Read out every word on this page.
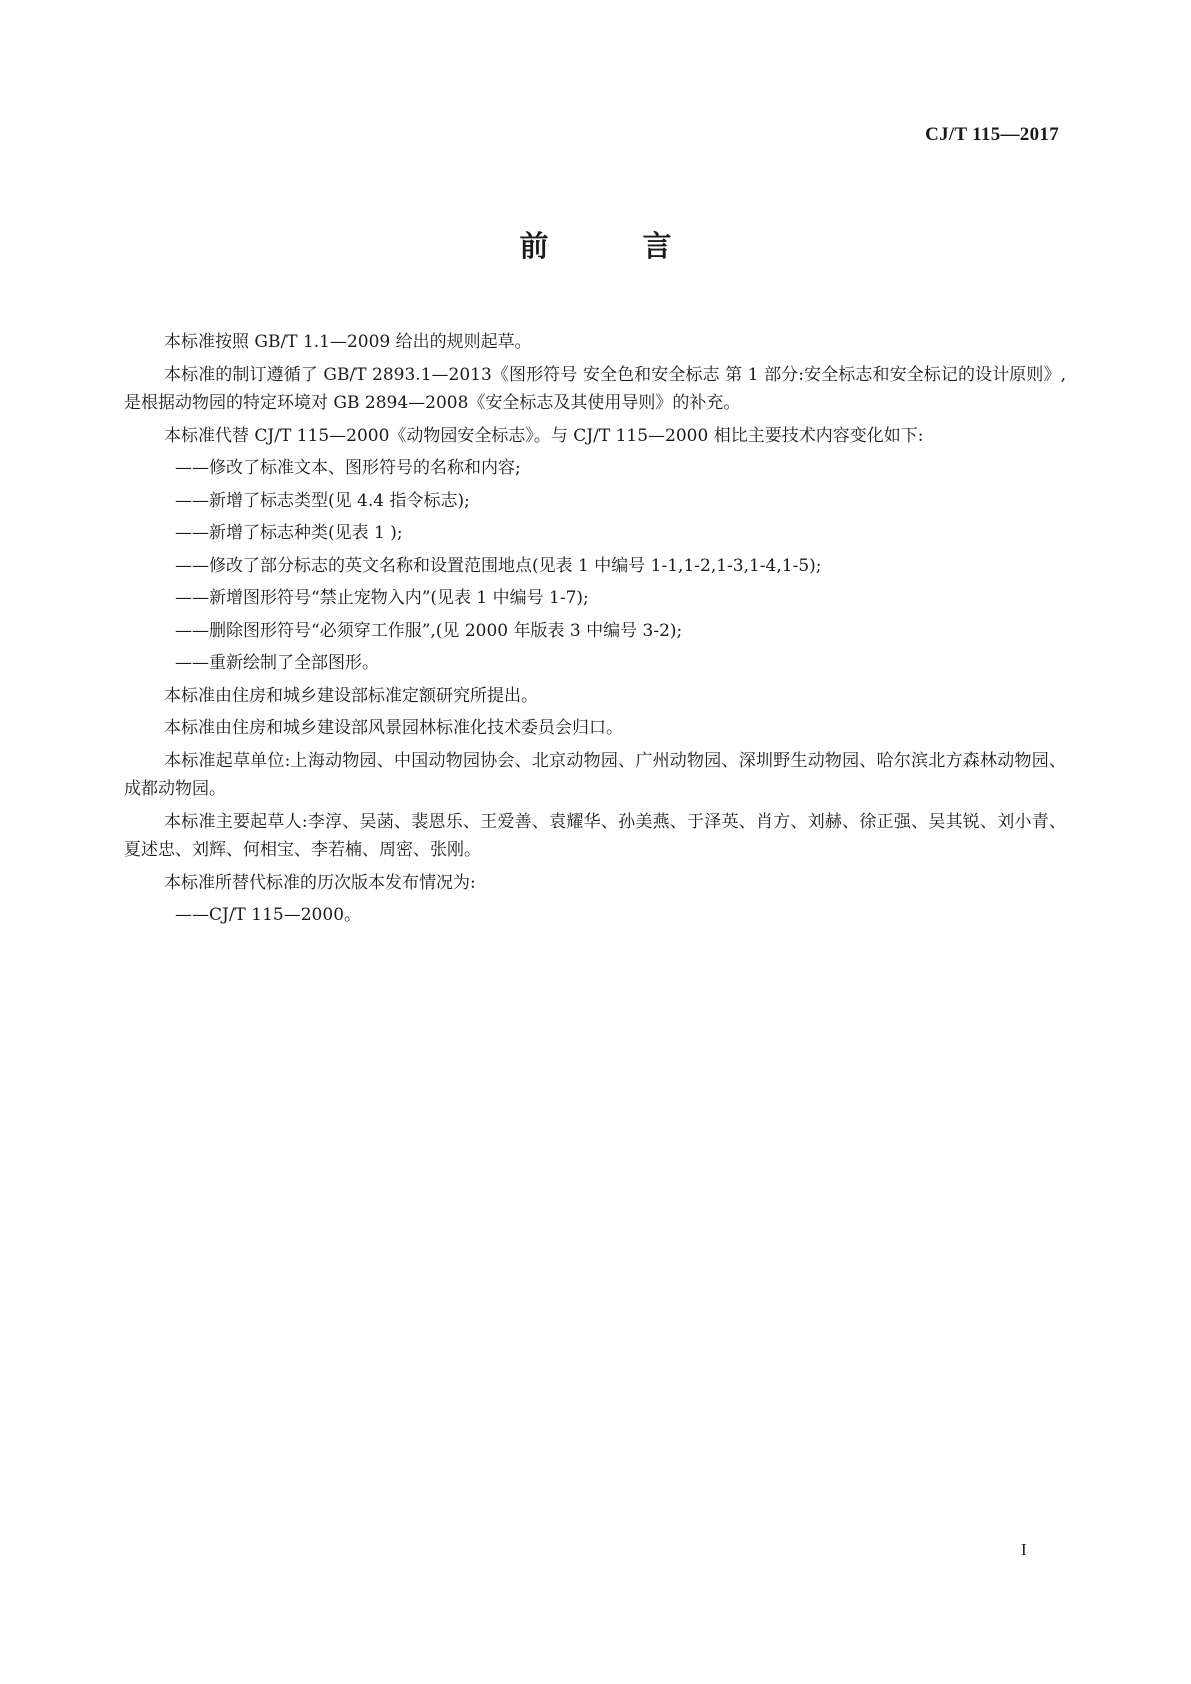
CJ/T 115—2017
前 言

本标准按照 GB/T 1.1—2009 给出的规则起草。

本标准的制订遵循了 GB/T 2893.1—2013《图形符号 安全色和安全标志 第 1 部分:安全标志和安全标记的设计原则》,是根据动物园的特定环境对 GB 2894—2008《安全标志及其使用导则》的补充。

本标准代替 CJ/T 115—2000《动物园安全标志》。与 CJ/T 115—2000 相比主要技术内容变化如下:

——修改了标准文本、图形符号的名称和内容;

——新增了标志类型(见 4.4 指令标志);

——新增了标志种类(见表 1 );

——修改了部分标志的英文名称和设置范围地点(见表 1 中编号 1-1,1-2,1-3,1-4,1-5);

——新增图形符号“禁止宠物入内”(见表 1 中编号 1-7);

——删除图形符号“必须穿工作服”,(见 2000 年版表 3 中编号 3-2);

——重新绘制了全部图形。

本标准由住房和城乡建设部标准定额研究所提出。

本标准由住房和城乡建设部风景园林标准化技术委员会归口。

本标准起草单位:上海动物园、中国动物园协会、北京动物园、广州动物园、深圳野生动物园、哈尔滨北方森林动物园、成都动物园。

本标准主要起草人:李淳、吴菡、裴恩乐、王爱善、袁耀华、孙美燕、于泽英、肖方、刘赫、徐正强、吴其锐、刘小青、夏述忠、刘辉、何相宝、李若楠、周密、张刚。

本标准所替代标准的历次版本发布情况为:

——CJ/T 115—2000。

I
